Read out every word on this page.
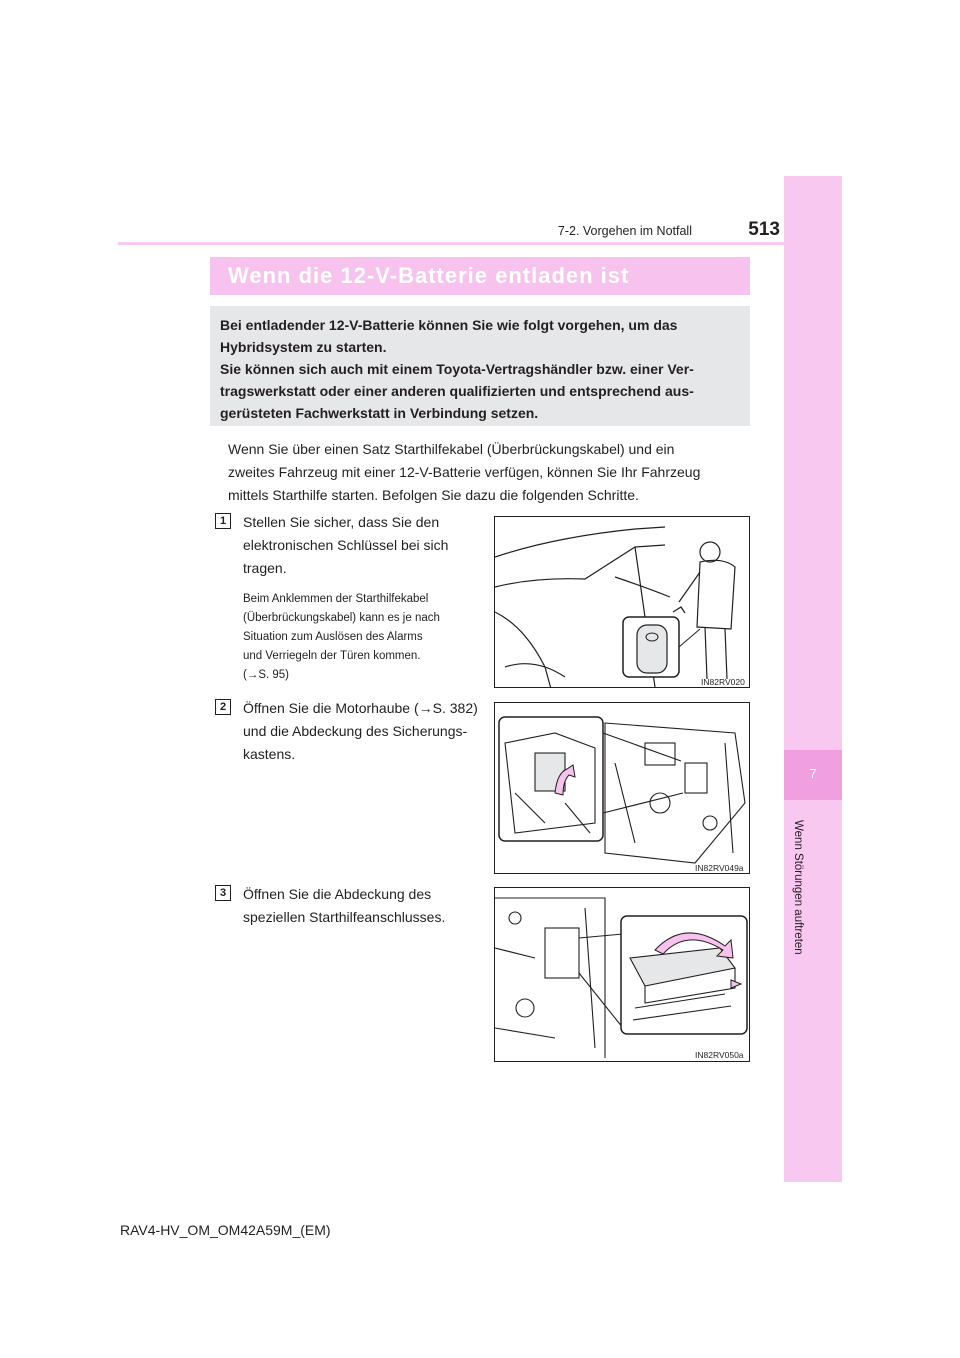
7
Wenn Störungen auftreten
7-2. Vorgehen im Notfall	513
Wenn die 12-V-Batterie entladen ist

Bei entladender 12-V-Batterie können Sie wie folgt vorgehen, um das

Hybridsystem zu starten.

Sie können sich auch mit einem Toyota-Vertragshändler bzw. einer Ver-

tragswerkstatt oder einer anderen qualifizierten und entsprechend aus-

gerüsteten Fachwerkstatt in Verbindung setzen.

Wenn Sie über einen Satz Starthilfekabel (Überbrückungskabel) und ein
zweites Fahrzeug mit einer 12-V-Batterie verfügen, können Sie Ihr Fahrzeug
mittels Starthilfe starten. Befolgen Sie dazu die folgenden Schritte.
1	Stellen Sie sicher, dass Sie den
elektronischen Schlüssel bei sich
tragen.
Beim Anklemmen der Starthilfekabel
(Überbrückungskabel) kann es je nach
Situation zum Auslösen des Alarms
und Verriegeln der Türen kommen.
(→S. 95)
IN82RV020
2	Öffnen Sie die Motorhaube (→S. 382)
und die Abdeckung des Sicherungs-
kastens.
IN82RV049a
3	Öffnen Sie die Abdeckung des
speziellen Starthilfeanschlusses.
IN82RV050a
RAV4-HV_OM_OM42A59M_(EM)
